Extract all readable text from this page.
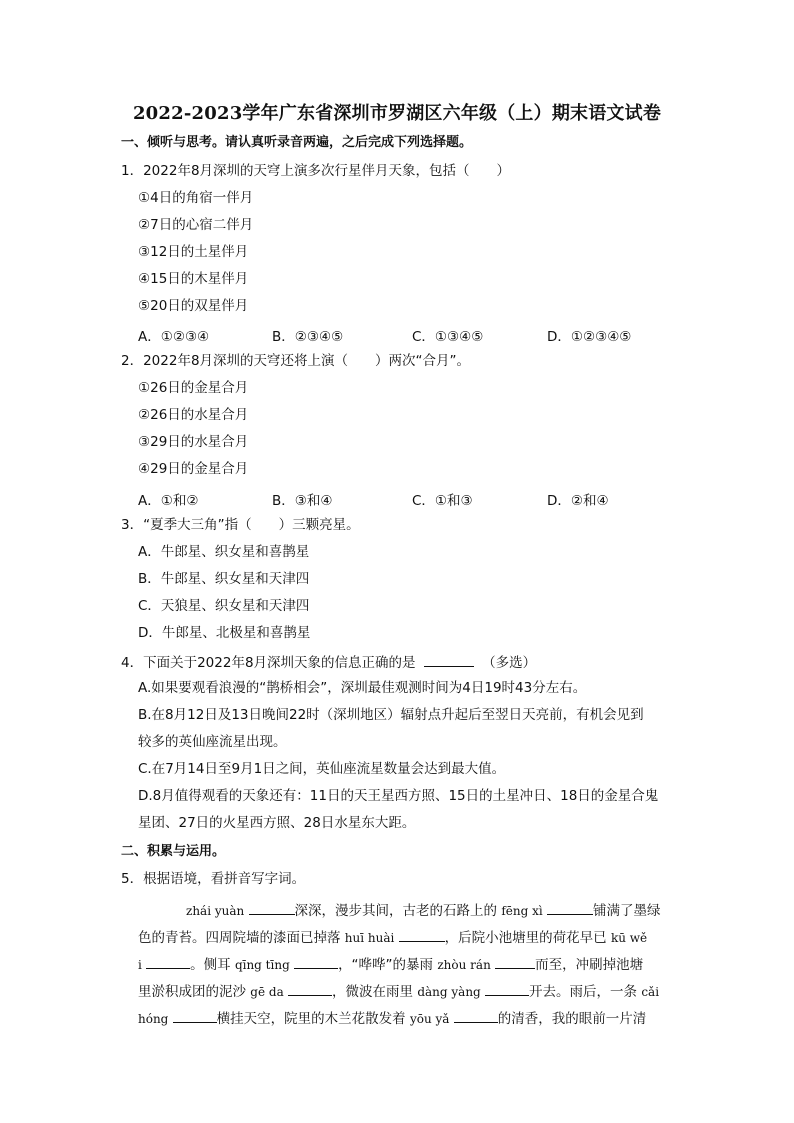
2022-2023学年广东省深圳市罗湖区六年级（上）期末语文试卷
一、倾听与思考。请认真听录音两遍，之后完成下列选择题。
1．2022年8月深圳的天穹上演多次行星伴月天象，包括（　　）
①4日的角宿一伴月
②7日的心宿二伴月
③12日的土星伴月
④15日的木星伴月
⑤20日的双星伴月
A．①②③④	B．②③④⑤	C．①③④⑤	D．①②③④⑤
2．2022年8月深圳的天穹还将上演（　　）两次“合月”。
①26日的金星合月
②26日的水星合月
③29日的水星合月
④29日的金星合月
A．①和②	B．③和④	C．①和③	D．②和④
3．“夏季大三角”指（　　）三颗亮星。
A．牛郎星、织女星和喜鹊星
B．牛郎星、织女星和天津四
C．天狼星、织女星和天津四
D．牛郎星、北极星和喜鹊星
4．下面关于2022年8月深圳天象的信息正确的是	（多选）
A.如果要观看浪漫的“鹊桥相会”，深圳最佳观测时间为4日19时43分左右。
B.在8月12日及13日晚间22时（深圳地区）辐射点升起后至翌日天亮前，有机会见到
较多的英仙座流星出现。
C.在7月14日至9月1日之间，英仙座流星数量会达到最大值。
D.8月值得观看的天象还有：11日的天王星西方照、15日的土星冲日、18日的金星合鬼
星团、27日的火星西方照、28日水星东大距。
二、积累与运用。
5．根据语境，看拼音写字词。
zhái yuàn	深深，漫步其间，古老的石路上的 fēng xì	铺满了墨绿
色的青苔。四周院墙的漆面已掉落 huī huài	，后院小池塘里的荷花早已 kū wě
i	。侧耳 qīng tīng	，“哗哗”的暴雨 zhòu rán	而至，冲刷掉池塘
里淤积成团的泥沙 gē da	，微波在雨里 dàng yàng	开去。雨后，一条 cǎi
hóng	横挂天空，院里的木兰花散发着 yōu yǎ	的清香，我的眼前一片清
